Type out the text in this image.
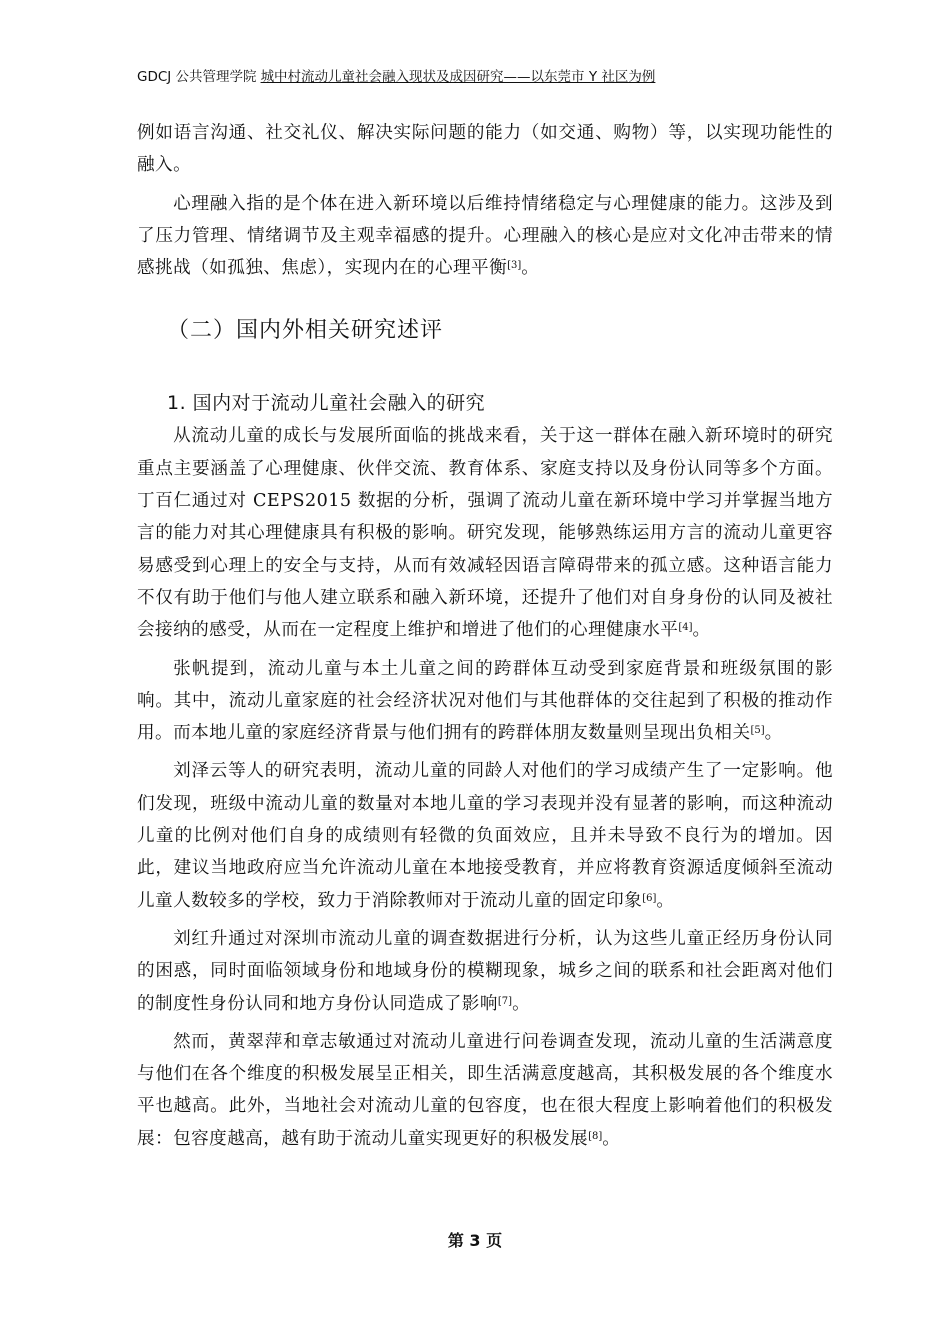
GDCJ 公共管理学院 城中村流动儿童社会融入现状及成因研究——以东莞市 Y 社区为例

例如语言沟通、社交礼仪、解决实际问题的能力（如交通、购物）等，以实现功能性的融入。

心理融入指的是个体在进入新环境以后维持情绪稳定与心理健康的能力。这涉及到了压力管理、情绪调节及主观幸福感的提升。心理融入的核心是应对文化冲击带来的情感挑战（如孤独、焦虑），实现内在的心理平衡[3]。

（二）国内外相关研究述评
1. 国内对于流动儿童社会融入的研究

从流动儿童的成长与发展所面临的挑战来看，关于这一群体在融入新环境时的研究重点主要涵盖了心理健康、伙伴交流、教育体系、家庭支持以及身份认同等多个方面。丁百仁通过对 CEPS2015 数据的分析，强调了流动儿童在新环境中学习并掌握当地方言的能力对其心理健康具有积极的影响。研究发现，能够熟练运用方言的流动儿童更容易感受到心理上的安全与支持，从而有效减轻因语言障碍带来的孤立感。这种语言能力不仅有助于他们与他人建立联系和融入新环境，还提升了他们对自身身份的认同及被社会接纳的感受，从而在一定程度上维护和增进了他们的心理健康水平[4]。

张帆提到，流动儿童与本土儿童之间的跨群体互动受到家庭背景和班级氛围的影响。其中，流动儿童家庭的社会经济状况对他们与其他群体的交往起到了积极的推动作用。而本地儿童的家庭经济背景与他们拥有的跨群体朋友数量则呈现出负相关[5]。

刘泽云等人的研究表明，流动儿童的同龄人对他们的学习成绩产生了一定影响。他们发现，班级中流动儿童的数量对本地儿童的学习表现并没有显著的影响，而这种流动儿童的比例对他们自身的成绩则有轻微的负面效应，且并未导致不良行为的增加。因此，建议当地政府应当允许流动儿童在本地接受教育，并应将教育资源适度倾斜至流动儿童人数较多的学校，致力于消除教师对于流动儿童的固定印象[6]。

刘红升通过对深圳市流动儿童的调查数据进行分析，认为这些儿童正经历身份认同的困惑，同时面临领域身份和地域身份的模糊现象，城乡之间的联系和社会距离对他们的制度性身份认同和地方身份认同造成了影响[7]。

然而，黄翠萍和章志敏通过对流动儿童进行问卷调查发现，流动儿童的生活满意度与他们在各个维度的积极发展呈正相关，即生活满意度越高，其积极发展的各个维度水平也越高。此外，当地社会对流动儿童的包容度，也在很大程度上影响着他们的积极发展：包容度越高，越有助于流动儿童实现更好的积极发展[8]。

第 3 页
